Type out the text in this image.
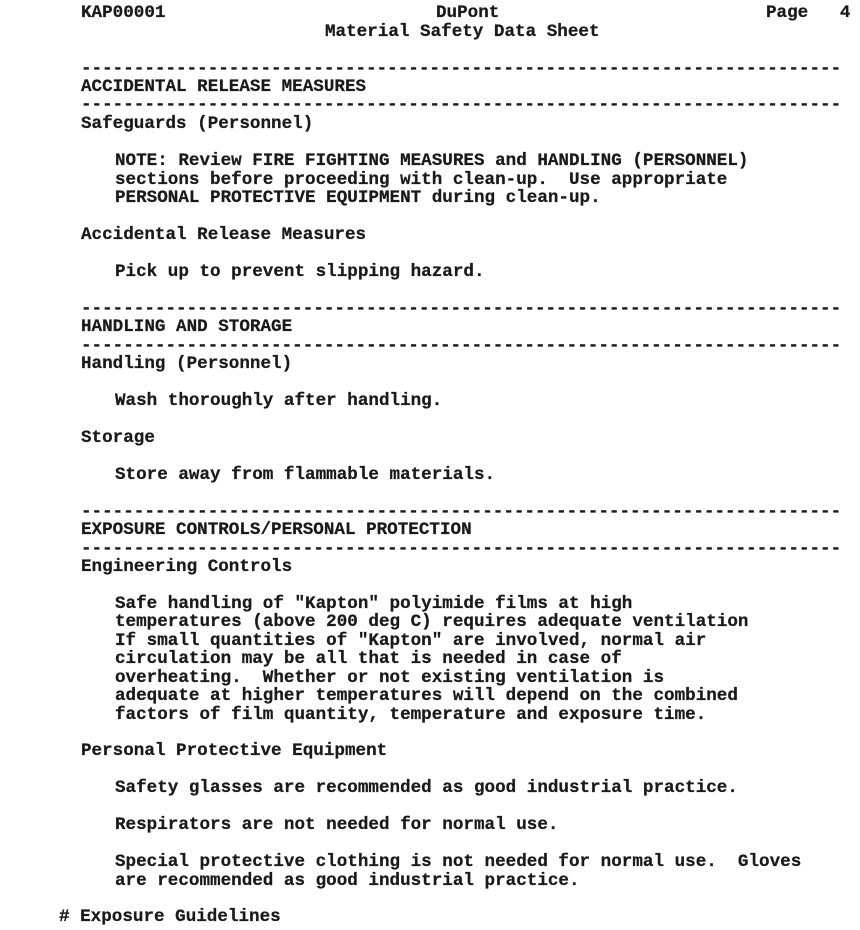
KAP00001	DuPont	Page   4
Material Safety Data Sheet
------------------------------------------------------------------------
ACCIDENTAL RELEASE MEASURES
------------------------------------------------------------------------
Safeguards (Personnel)
NOTE: Review FIRE FIGHTING MEASURES and HANDLING (PERSONNEL)
sections before proceeding with clean-up.  Use appropriate
PERSONAL PROTECTIVE EQUIPMENT during clean-up.
Accidental Release Measures
Pick up to prevent slipping hazard.
------------------------------------------------------------------------
HANDLING AND STORAGE
------------------------------------------------------------------------
Handling (Personnel)
Wash thoroughly after handling.
Storage
Store away from flammable materials.
------------------------------------------------------------------------
EXPOSURE CONTROLS/PERSONAL PROTECTION
------------------------------------------------------------------------
Engineering Controls
Safe handling of "Kapton" polyimide films at high
temperatures (above 200 deg C) requires adequate ventilation
If small quantities of "Kapton" are involved, normal air
circulation may be all that is needed in case of
overheating.  Whether or not existing ventilation is
adequate at higher temperatures will depend on the combined
factors of film quantity, temperature and exposure time.
Personal Protective Equipment
Safety glasses are recommended as good industrial practice.
Respirators are not needed for normal use.
Special protective clothing is not needed for normal use.  Gloves
are recommended as good industrial practice.
# Exposure Guidelines
